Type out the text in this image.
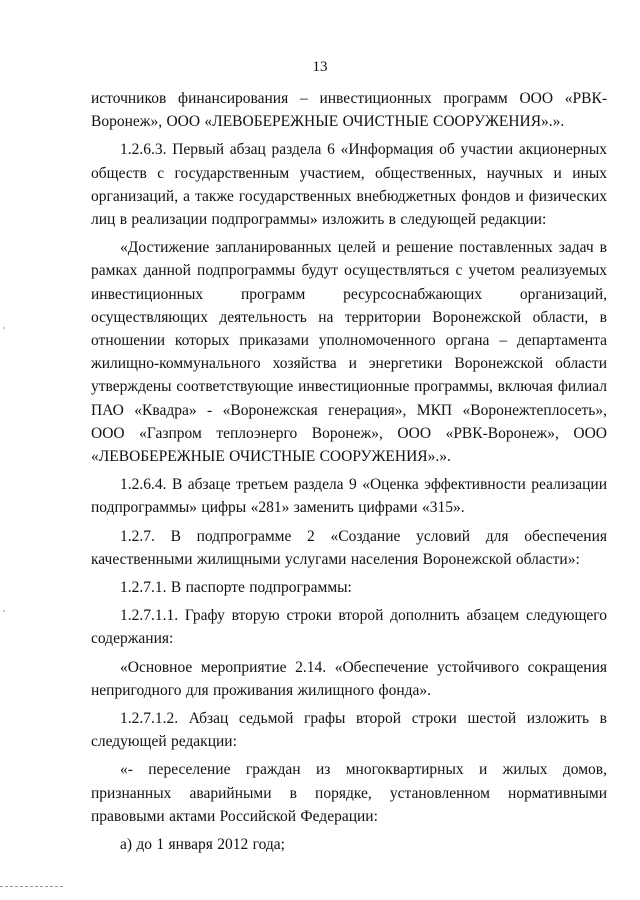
13

источников финансирования – инвестиционных программ ООО «РВК-Воронеж», ООО «ЛЕВОБЕРЕЖНЫЕ ОЧИСТНЫЕ СООРУЖЕНИЯ».».

1.2.6.3. Первый абзац раздела 6 «Информация об участии акционерных обществ с государственным участием, общественных, научных и иных организаций, а также государственных внебюджетных фондов и физических лиц в реализации подпрограммы» изложить в следующей редакции:

«Достижение запланированных целей и решение поставленных задач в рамках данной подпрограммы будут осуществляться с учетом реализуемых инвестиционных программ ресурсоснабжающих организаций, осуществляющих деятельность на территории Воронежской области, в отношении которых приказами уполномоченного органа – департамента жилищно-коммунального хозяйства и энергетики Воронежской области утверждены соответствующие инвестиционные программы, включая филиал ПАО «Квадра» - «Воронежская генерация», МКП «Воронежтеплосеть», ООО «Газпром теплоэнерго Воронеж», ООО «РВК-Воронеж», ООО «ЛЕВОБЕРЕЖНЫЕ ОЧИСТНЫЕ СООРУЖЕНИЯ».».

1.2.6.4. В абзаце третьем раздела 9 «Оценка эффективности реализации подпрограммы» цифры «281» заменить цифрами «315».

1.2.7. В подпрограмме 2 «Создание условий для обеспечения качественными жилищными услугами населения Воронежской области»:

1.2.7.1. В паспорте подпрограммы:

1.2.7.1.1. Графу вторую строки второй дополнить абзацем следующего содержания:

«Основное мероприятие 2.14. «Обеспечение устойчивого сокращения непригодного для проживания жилищного фонда».

1.2.7.1.2. Абзац седьмой графы второй строки шестой изложить в следующей редакции:

«- переселение граждан из многоквартирных и жилых домов, признанных аварийными в порядке, установленном нормативными правовыми актами Российской Федерации:

а) до 1 января 2012 года;
